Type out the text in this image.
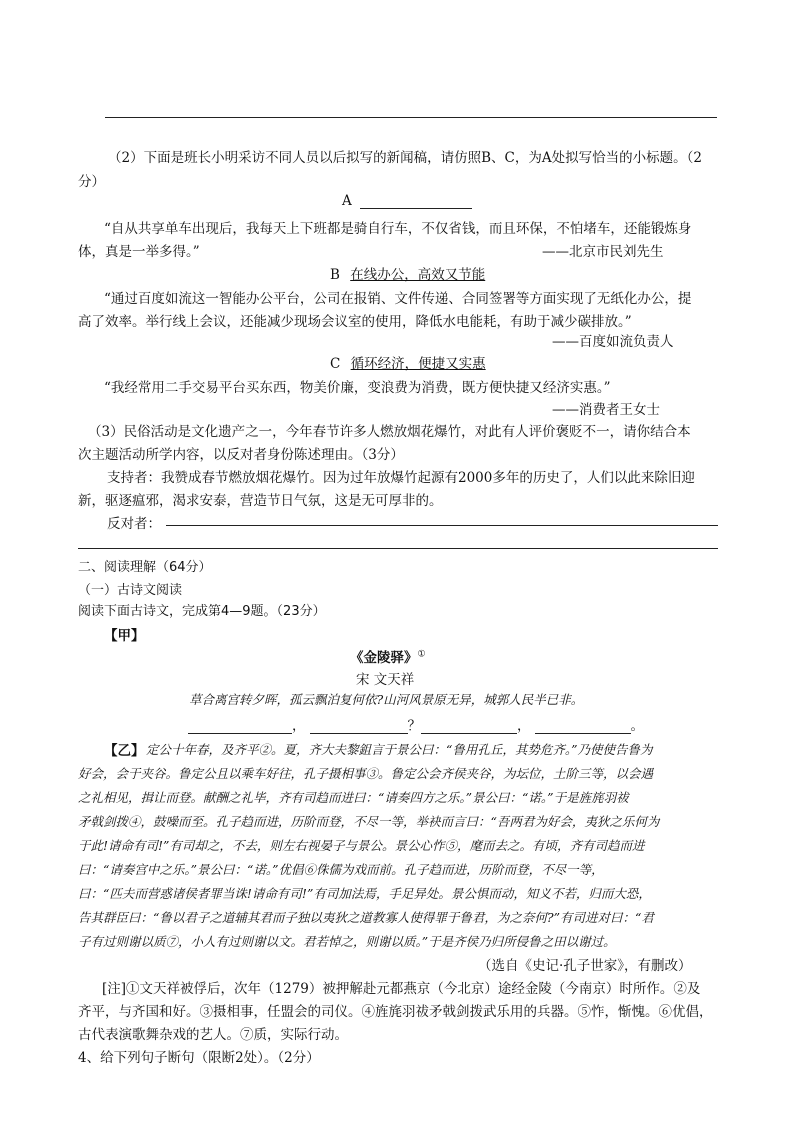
（2）下面是班长小明采访不同人员以后拟写的新闻稿，请仿照B、C，为A处拟写恰当的小标题。（2
分）
A
“自从共享单车出现后，我每天上下班都是骑自行车，不仅省钱，而且环保，不怕堵车，还能锻炼身
体，真是一举多得。”	——北京市民刘先生
B 在线办公，高效又节能
“通过百度如流这一智能办公平台，公司在报销、文件传递、合同签署等方面实现了无纸化办公，提
高了效率。举行线上会议，还能减少现场会议室的使用，降低水电能耗，有助于减少碳排放。”
——百度如流负责人
C 循环经济，便捷又实惠
“我经常用二手交易平台买东西，物美价廉，变浪费为消费，既方便快捷又经济实惠。”
——消费者王女士
（3）民俗活动是文化遗产之一，今年春节许多人燃放烟花爆竹，对此有人评价褒贬不一，请你结合本
次主题活动所学内容，以反对者身份陈述理由。（3分）
支持者：我赞成春节燃放烟花爆竹。因为过年放爆竹起源有2000多年的历史了，人们以此来除旧迎
新，驱逐瘟邪，渴求安泰，营造节日气氛，这是无可厚非的。
反对者：
二、阅读理解（64分）
（一）古诗文阅读
阅读下面古诗文，完成第4—9题。（23分）
【甲】
《金陵驿》①
宋 文天祥
草合离宫转夕晖，孤云飘泊复何依?山河风景原无异，城郭人民半已非。
，	？	，	。
【乙】 定公十年春，及齐平②。夏，齐大夫黎鉏言于景公曰：“鲁用孔丘，其势危齐。”乃使使告鲁为
好会，会于夹谷。鲁定公且以乘车好往，孔子摄相事③。鲁定公会齐侯夹谷，为坛位，土阶三等，以会遇
之礼相见，揖让而登。献酬之礼毕，齐有司趋而进曰：“请奏四方之乐。”景公曰：“诺。”于是旌旄羽祓
矛戟剑拨④，鼓噪而至。孔子趋而进，历阶而登，不尽一等，举袂而言曰：“吾两君为好会，夷狄之乐何为
于此!请命有司!”有司却之，不去，则左右视晏子与景公。景公心怍⑤，麾而去之。有顷，齐有司趋而进
曰：“请奏宫中之乐。”景公曰：“诺。”优倡⑥侏儒为戏而前。孔子趋而进，历阶而登，不尽一等，
曰：“匹夫而营惑诸侯者罪当诛!请命有司!”有司加法焉，手足异处。景公惧而动，知义不若，归而大恐，
告其群臣曰：“鲁以君子之道辅其君而子独以夷狄之道教寡人使得罪于鲁君，为之奈何?”有司进对曰：“君
子有过则谢以质⑦，小人有过则谢以文。君若悼之，则谢以质。”于是齐侯乃归所侵鲁之田以谢过。
（选自《史记·孔子世家》，有删改）
[注]①文天祥被俘后，次年（1279）被押解赴元都燕京（今北京）途经金陵（今南京）时所作。②及
齐平，与齐国和好。③摄相事，任盟会的司仪。④旌旄羽祓矛戟剑拨武乐用的兵器。⑤怍，惭愧。⑥优倡，
古代表演歌舞杂戏的艺人。⑦质，实际行动。
4、给下列句子断句（限断2处）。（2分）
